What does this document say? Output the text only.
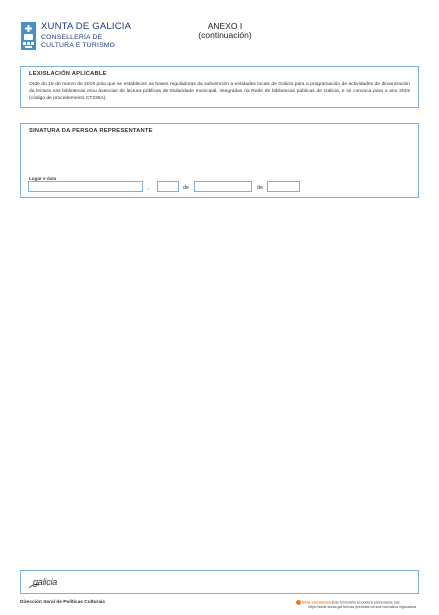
XUNTA DE GALICIA
CONSELLERÍA DE
CULTURA E TURISMO
ANEXO I
(continuación)
LEXISLACIÓN APLICABLE
Orde do 15 de marzo de 2019 pola que se establecen as bases reguladoras da subvención a entidades locais de Galicia para a programación de actividades de dinamización da lectura nas bibliotecas e/ou axencias de lectura públicas de titularidade municipal, integradas na Rede de bibliotecas públicas de Galicia, e se convoca para o ano 2019 (código de procedemento CT236A).
SINATURA DA PERSOA REPRESENTANTE
Lugar e data
,	de	de
galicia
Dirección Xeral de Políticas Culturais	Sede electrónica Este formulario só poderá presentarse nas
https://sede.xunta.gal formas previstas na súa normativa reguladora
